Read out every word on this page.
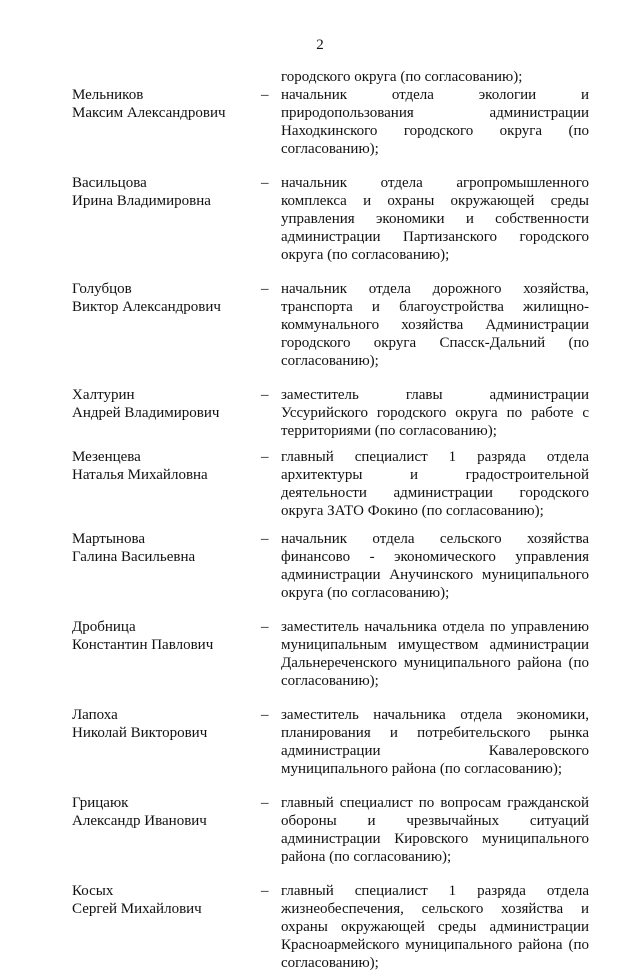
2
городского округа (по согласованию);
Мельников
Максим Александрович
– начальник отдела экологии и
природопользования администрации
Находкинского городского округа (по
согласованию);
Васильцова
Ирина Владимировна
– начальник отдела агропромышленного
комплекса и охраны окружающей среды
управления экономики и собственности
администрации Партизанского городского
округа (по согласованию);
Голубцов
Виктор Александрович
– начальник отдела дорожного хозяйства,
транспорта и благоустройства жилищно-
коммунального хозяйства Администрации
городского округа Спасск-Дальний (по
согласованию);
Халтурин
Андрей Владимирович
– заместитель главы администрации
Уссурийского городского округа по работе с
территориями (по согласованию);
Мезенцева
Наталья Михайловна
– главный специалист 1 разряда отдела
архитектуры и градостроительной
деятельности администрации городского
округа ЗАТО Фокино (по согласованию);
Мартынова
Галина Васильевна
– начальник отдела сельского хозяйства
финансово - экономического управления
администрации Анучинского муниципального
округа (по согласованию);
Дробница
Константин Павлович
– заместитель начальника отдела по управлению
муниципальным имуществом администрации
Дальнереченского муниципального района (по
согласованию);
Лапоха
Николай Викторович
– заместитель начальника отдела экономики,
планирования и потребительского рынка
администрации Кавалеровского
муниципального района (по согласованию);
Грицаюк
Александр Иванович
– главный специалист по вопросам гражданской
обороны и чрезвычайных ситуаций
администрации Кировского муниципального
района (по согласованию);
Косых
Сергей Михайлович
– главный специалист 1 разряда отдела
жизнеобеспечения, сельского хозяйства и
охраны окружающей среды администрации
Красноармейского муниципального района (по
согласованию);
